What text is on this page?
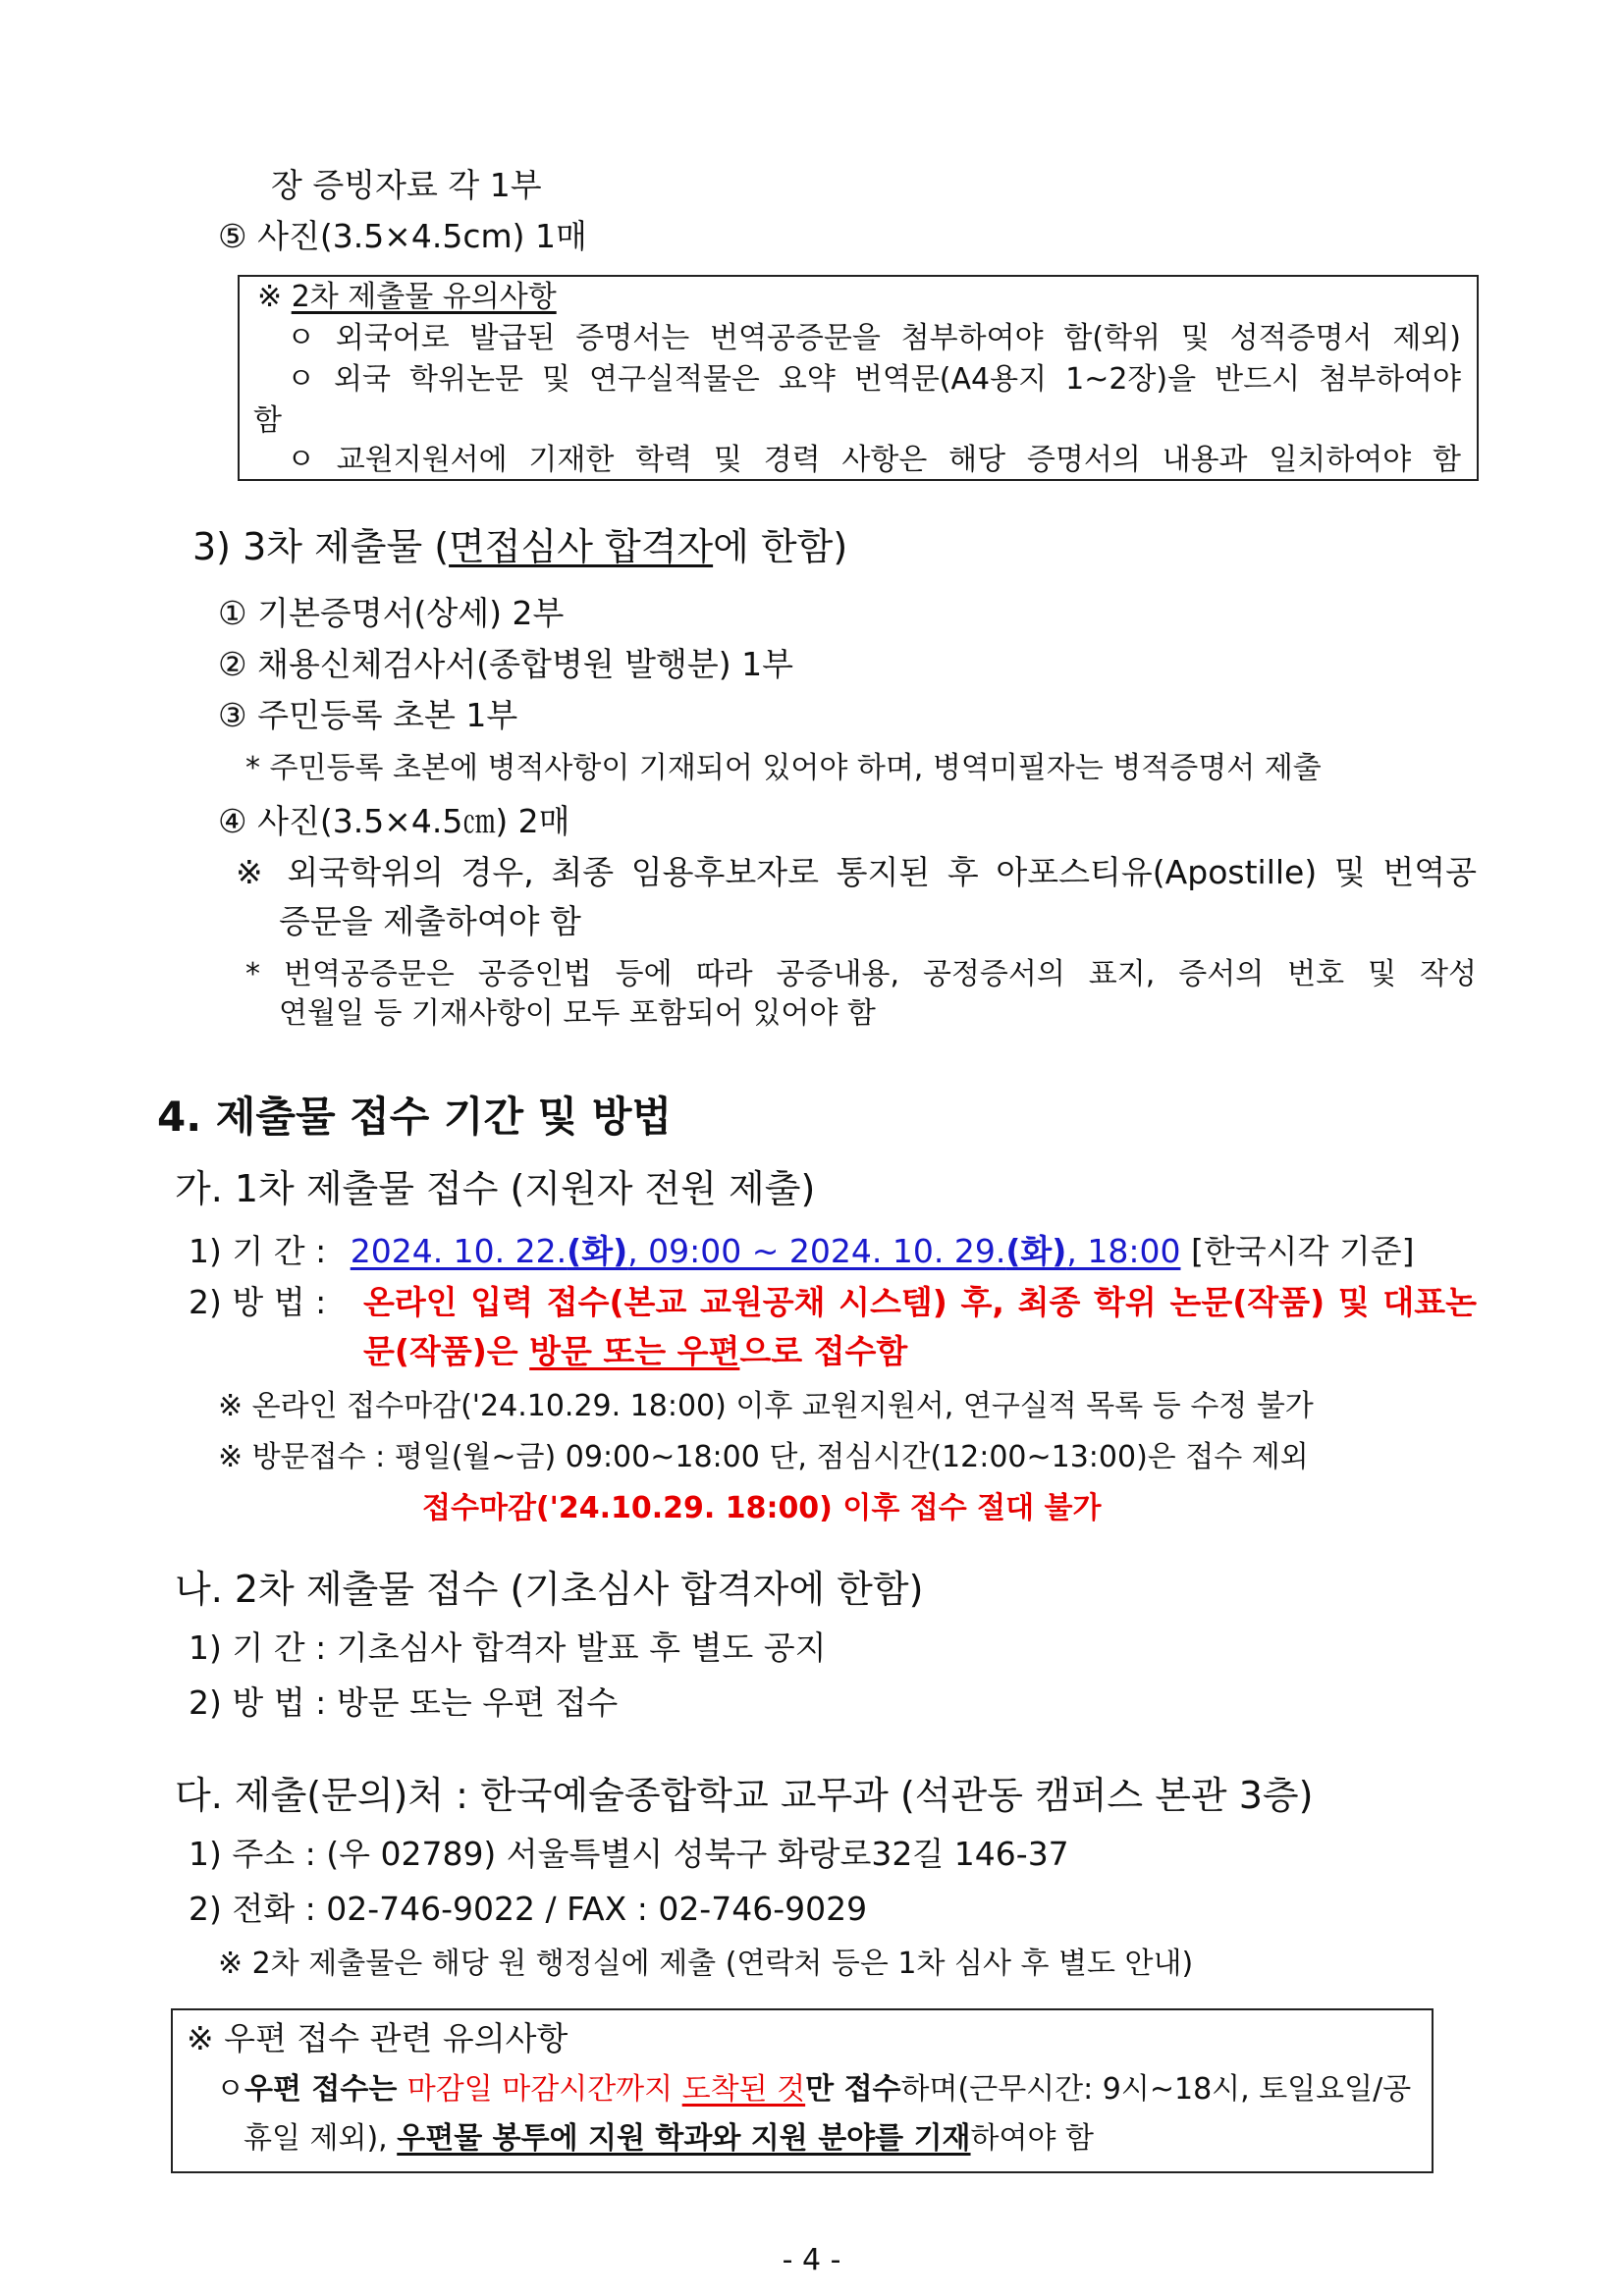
장 증빙자료 각 1부
⑤ 사진(3.5×4.5cm) 1매
※ 2차 제출물 유의사항
ㅇ 외국어로 발급된 증명서는 번역공증문을 첨부하여야 함(학위 및 성적증명서 제외)
ㅇ 외국 학위논문 및 연구실적물은 요약 번역문(A4용지 1~2장)을 반드시 첨부하여야
함
ㅇ 교원지원서에 기재한 학력 및 경력 사항은 해당 증명서의 내용과 일치하여야 함
3) 3차 제출물 (면접심사 합격자에 한함)
① 기본증명서(상세) 2부
② 채용신체검사서(종합병원 발행분) 1부
③ 주민등록 초본 1부
* 주민등록 초본에 병적사항이 기재되어 있어야 하며, 병역미필자는 병적증명서 제출
④ 사진(3.5×4.5㎝) 2매
※ 외국학위의 경우, 최종 임용후보자로 통지된 후 아포스티유(Apostille) 및 번역공
증문을 제출하여야 함
* 번역공증문은 공증인법 등에 따라 공증내용, 공정증서의 표지, 증서의 번호 및 작성
연월일 등 기재사항이 모두 포함되어 있어야 함
4. 제출물 접수 기간 및 방법
가. 1차 제출물 접수 (지원자 전원 제출)
1) 기 간 : 2024. 10. 22.(화), 09:00 ~ 2024. 10. 29.(화), 18:00 [한국시각 기준]
2) 방 법 : 온라인 입력 접수(본교 교원공채 시스템) 후, 최종 학위 논문(작품) 및 대표논
문(작품)은 방문 또는 우편으로 접수함
※ 온라인 접수마감('24.10.29. 18:00) 이후 교원지원서, 연구실적 목록 등 수정 불가
※ 방문접수 : 평일(월~금) 09:00~18:00 단, 점심시간(12:00~13:00)은 접수 제외
접수마감('24.10.29. 18:00) 이후 접수 절대 불가
나. 2차 제출물 접수 (기초심사 합격자에 한함)
1) 기 간 : 기초심사 합격자 발표 후 별도 공지
2) 방 법 : 방문 또는 우편 접수
다. 제출(문의)처 : 한국예술종합학교 교무과 (석관동 캠퍼스 본관 3층)
1) 주소 : (우 02789) 서울특별시 성북구 화랑로32길 146-37
2) 전화 : 02-746-9022 / FAX : 02-746-9029
※ 2차 제출물은 해당 원 행정실에 제출 (연락처 등은 1차 심사 후 별도 안내)
※ 우편 접수 관련 유의사항
ㅇ우편 접수는 마감일 마감시간까지 도착된 것만 접수하며(근무시간: 9시~18시, 토일요일/공
휴일 제외), 우편물 봉투에 지원 학과와 지원 분야를 기재하여야 함
- 4 -
